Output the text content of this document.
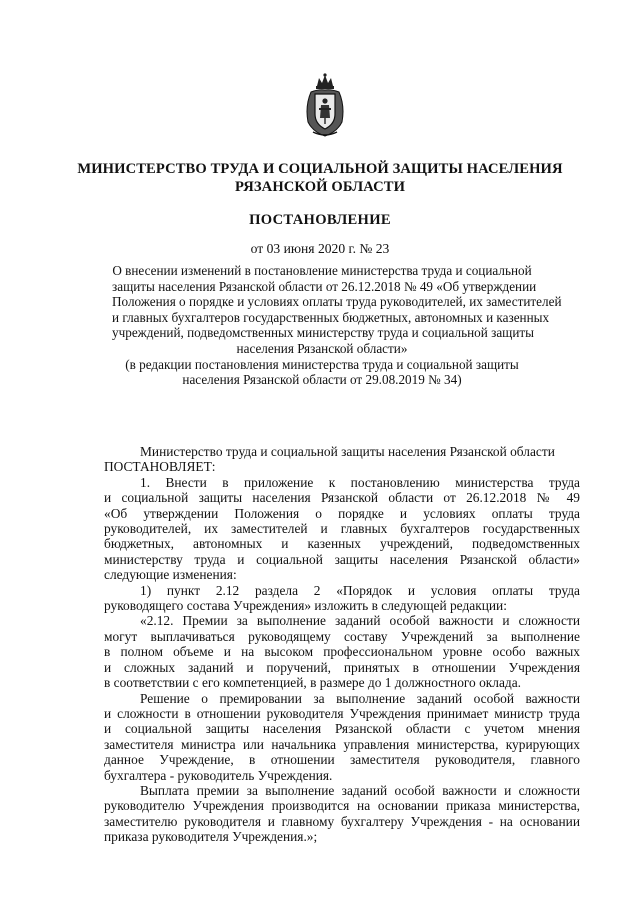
МИНИСТЕРСТВО ТРУДА И СОЦИАЛЬНОЙ ЗАЩИТЫ НАСЕЛЕНИЯ
РЯЗАНСКОЙ ОБЛАСТИ
ПОСТАНОВЛЕНИЕ
от 03 июня 2020 г. № 23
О внесении изменений в постановление министерства труда и социальной
защиты населения Рязанской области от 26.12.2018 № 49 «Об утверждении
Положения о порядке и условиях оплаты труда руководителей, их заместителей
и главных бухгалтеров государственных бюджетных, автономных и казенных
учреждений, подведомственных министерству труда и социальной защиты
населения Рязанской области»
(в редакции постановления министерства труда и социальной защиты
населения Рязанской области от 29.08.2019 № 34)
Министерство труда и социальной защиты населения Рязанской области
ПОСТАНОВЛЯЕТ:
1. Внести в приложение к постановлению министерства труда
и социальной защиты населения Рязанской области от 26.12.2018 № 49
«Об утверждении Положения о порядке и условиях оплаты труда
руководителей, их заместителей и главных бухгалтеров государственных
бюджетных, автономных и казенных учреждений, подведомственных
министерству труда и социальной защиты населения Рязанской области»
следующие изменения:
1) пункт 2.12 раздела 2 «Порядок и условия оплаты труда
руководящего состава Учреждения» изложить в следующей редакции:
«2.12. Премии за выполнение заданий особой важности и сложности
могут выплачиваться руководящему составу Учреждений за выполнение
в полном объеме и на высоком профессиональном уровне особо важных
и сложных заданий и поручений, принятых в отношении Учреждения
в соответствии с его компетенцией, в размере до 1 должностного оклада.
Решение о премировании за выполнение заданий особой важности
и сложности в отношении руководителя Учреждения принимает министр труда
и социальной защиты населения Рязанской области с учетом мнения
заместителя министра или начальника управления министерства, курирующих
данное Учреждение, в отношении заместителя руководителя, главного
бухгалтера - руководитель Учреждения.
Выплата премии за выполнение заданий особой важности и сложности
руководителю Учреждения производится на основании приказа министерства,
заместителю руководителя и главному бухгалтеру Учреждения - на основании
приказа руководителя Учреждения.»;
